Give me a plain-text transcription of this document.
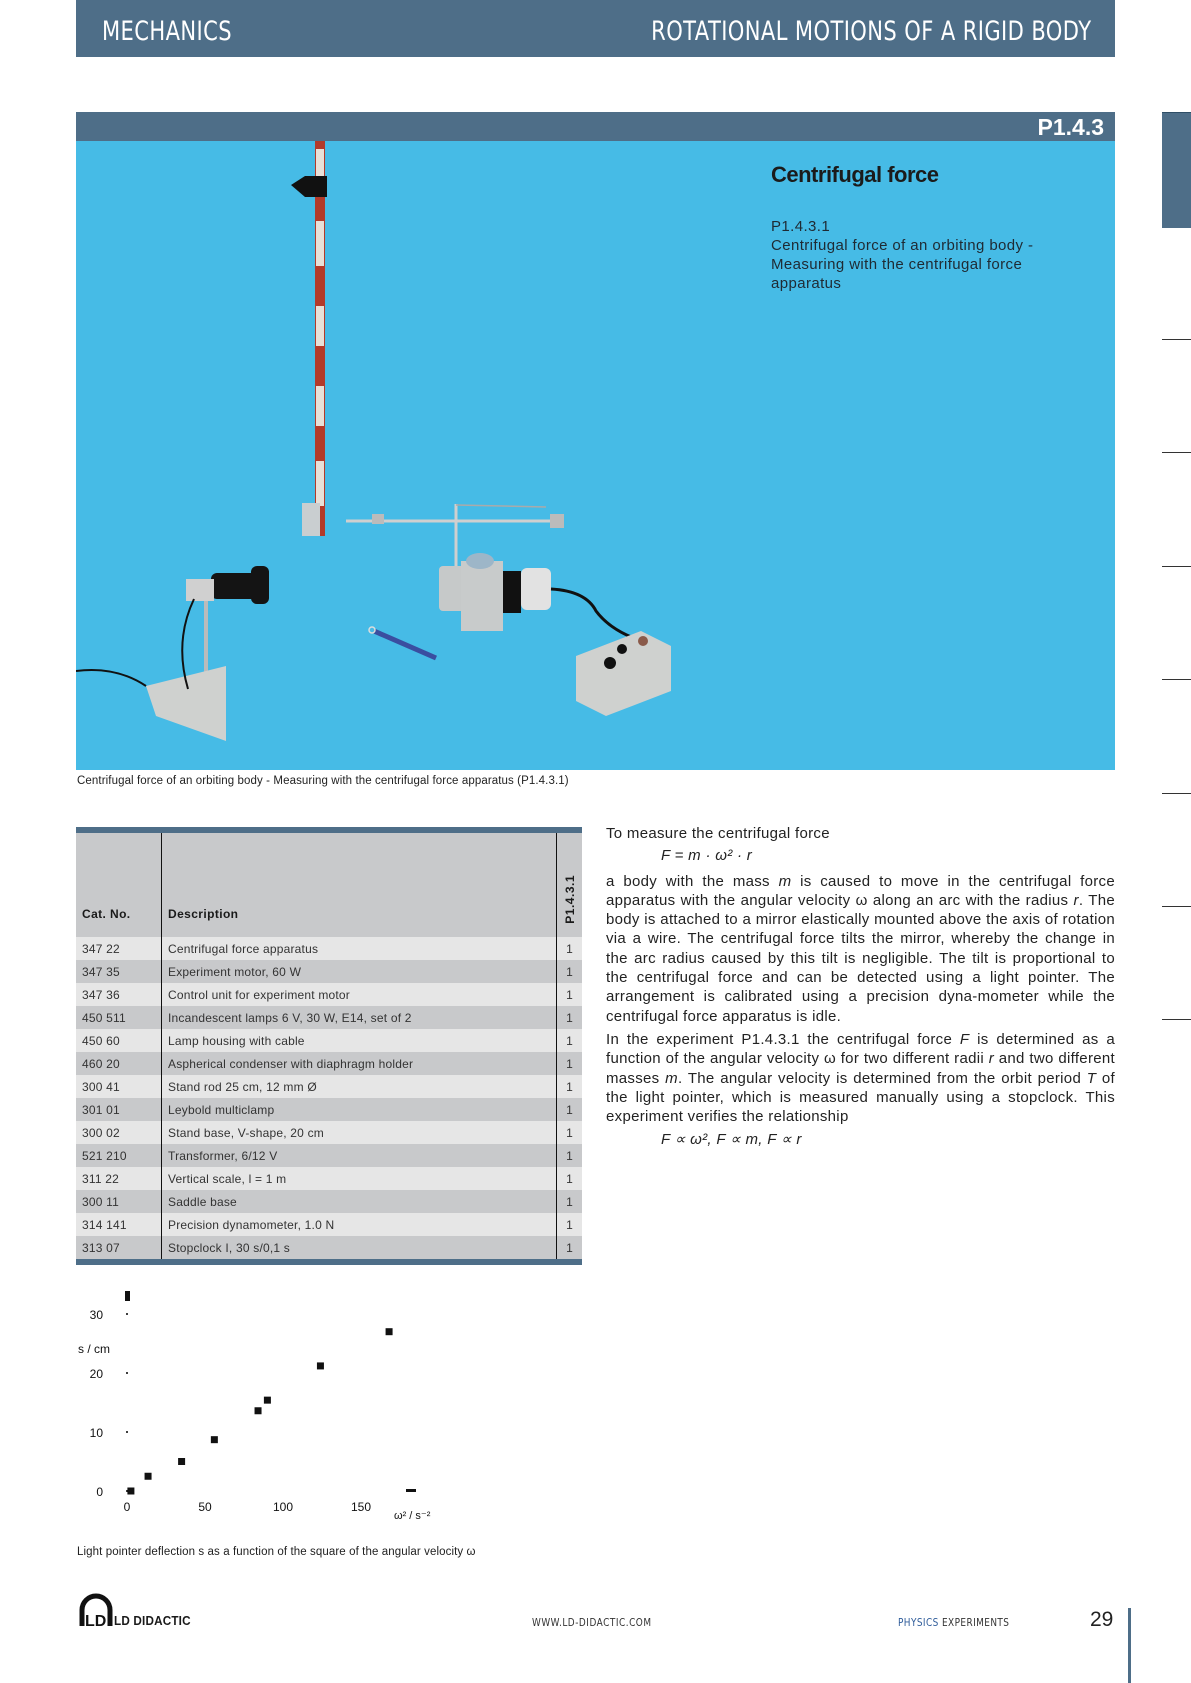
MECHANICS	ROTATIONAL MOTIONS OF A RIGID BODY
P1.4.3
Centrifugal force
P1.4.3.1
Centrifugal force of an orbiting body - Measuring with the centrifugal force apparatus
Centrifugal force of an orbiting body - Measuring with the centrifugal force apparatus (P1.4.3.1)
Cat. No.	Description	P1.4.3.1
347 22	Centrifugal force apparatus	1
347 35	Experiment motor, 60 W	1
347 36	Control unit for experiment motor	1
450 511	Incandescent lamps 6 V, 30 W, E14, set of 2	1
450 60	Lamp housing with cable	1
460 20	Aspherical condenser with diaphragm holder	1
300 41	Stand rod 25 cm, 12 mm Ø	1
301 01	Leybold multiclamp	1
300 02	Stand base, V-shape, 20 cm	1
521 210	Transformer, 6/12 V	1
311 22	Vertical scale, l = 1 m	1
300 11	Saddle base	1
314 141	Precision dynamometer, 1.0 N	1
313 07	Stopclock I, 30 s/0,1 s	1

To measure the centrifugal force

F = m · ω² · r

a body with the mass m is caused to move in the centrifugal force apparatus with the angular velocity ω along an arc with the radius r. The body is attached to a mirror elastically mounted above the axis of rotation via a wire. The centrifugal force tilts the mirror, whereby the change in the arc radius caused by this tilt is negligible. The tilt is proportional to the centrifugal force and can be detected using a light pointer. The arrangement is calibrated using a precision dyna-mometer while the centrifugal force apparatus is idle.

In the experiment P1.4.3.1 the centrifugal force F is determined as a function of the angular velocity ω for two different radii r and two different masses m. The angular velocity is determined from the orbit period T of the light pointer, which is measured manually using a stopclock. This experiment verifies the relationship

F ∝ ω², F ∝ m, F ∝ r

0
10
20
30
0	50	100	150
s / cm
ω² / s⁻²
Light pointer deflection s as a function of the square of the angular velocity ω
LD LD DIDACTIC	WWW.LD-DIDACTIC.COM	PHYSICS EXPERIMENTS	29
